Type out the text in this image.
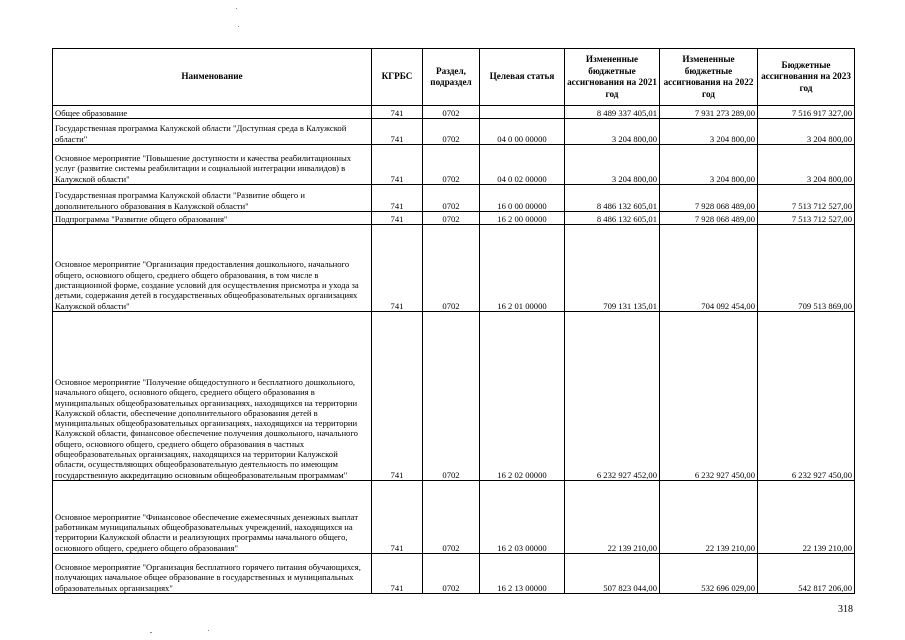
Наименование	КГРБС	Раздел, подраздел	Целевая статья	Измененные бюджетные ассигнования на 2021 год	Измененные бюджетные ассигнования на 2022 год	Бюджетные ассигнования на 2023 год
Общее образование	741	0702		8 489 337 405,01	7 931 273 289,00	7 516 917 327,00
Государственная программа Калужской области "Доступная среда в Калужской области"	741	0702	04 0 00 00000	3 204 800,00	3 204 800,00	3 204 800,00
Основное мероприятие "Повышение доступности и качества реабилитационных услуг (развитие системы реабилитации и социальной интеграции инвалидов) в Калужской области"	741	0702	04 0 02 00000	3 204 800,00	3 204 800,00	3 204 800,00
Государственная программа Калужской области "Развитие общего и дополнительного образования в Калужской области"	741	0702	16 0 00 00000	8 486 132 605,01	7 928 068 489,00	7 513 712 527,00
Подпрограмма "Развитие общего образования"	741	0702	16 2 00 00000	8 486 132 605,01	7 928 068 489,00	7 513 712 527,00
Основное мероприятие "Организация предоставления дошкольного, начального общего, основного общего, среднего общего образования, в том числе в дистанционной форме, создание условий для осуществления присмотра и ухода за детьми, содержания детей в государственных общеобразовательных организациях Калужской области"	741	0702	16 2 01 00000	709 131 135,01	704 092 454,00	709 513 869,00
Основное мероприятие "Получение общедоступного и бесплатного дошкольного, начального общего, основного общего, среднего общего образования в муниципальных общеобразовательных организациях, находящихся на территории Калужской области, обеспечение дополнительного образования детей в муниципальных общеобразовательных организациях, находящихся на территории Калужской области, финансовое обеспечение получения дошкольного, начального общего, основного общего, среднего общего образования в частных общеобразовательных организациях, находящихся на территории Калужской области, осуществляющих общеобразовательную деятельность по имеющим государственную аккредитацию основным общеобразовательным программам"	741	0702	16 2 02 00000	6 232 927 452,00	6 232 927 450,00	6 232 927 450,00
Основное мероприятие "Финансовое обеспечение ежемесячных денежных выплат работникам муниципальных общеобразовательных учреждений, находящихся на территории Калужской области и реализующих программы начального общего, основного общего, среднего общего образования"	741	0702	16 2 03 00000	22 139 210,00	22 139 210,00	22 139 210,00
Основное мероприятие "Организация бесплатного горячего питания обучающихся, получающих начальное общее образование в государственных и муниципальных образовательных организациях"	741	0702	16 2 13 00000	507 823 044,00	532 696 029,00	542 817 206,00
318
